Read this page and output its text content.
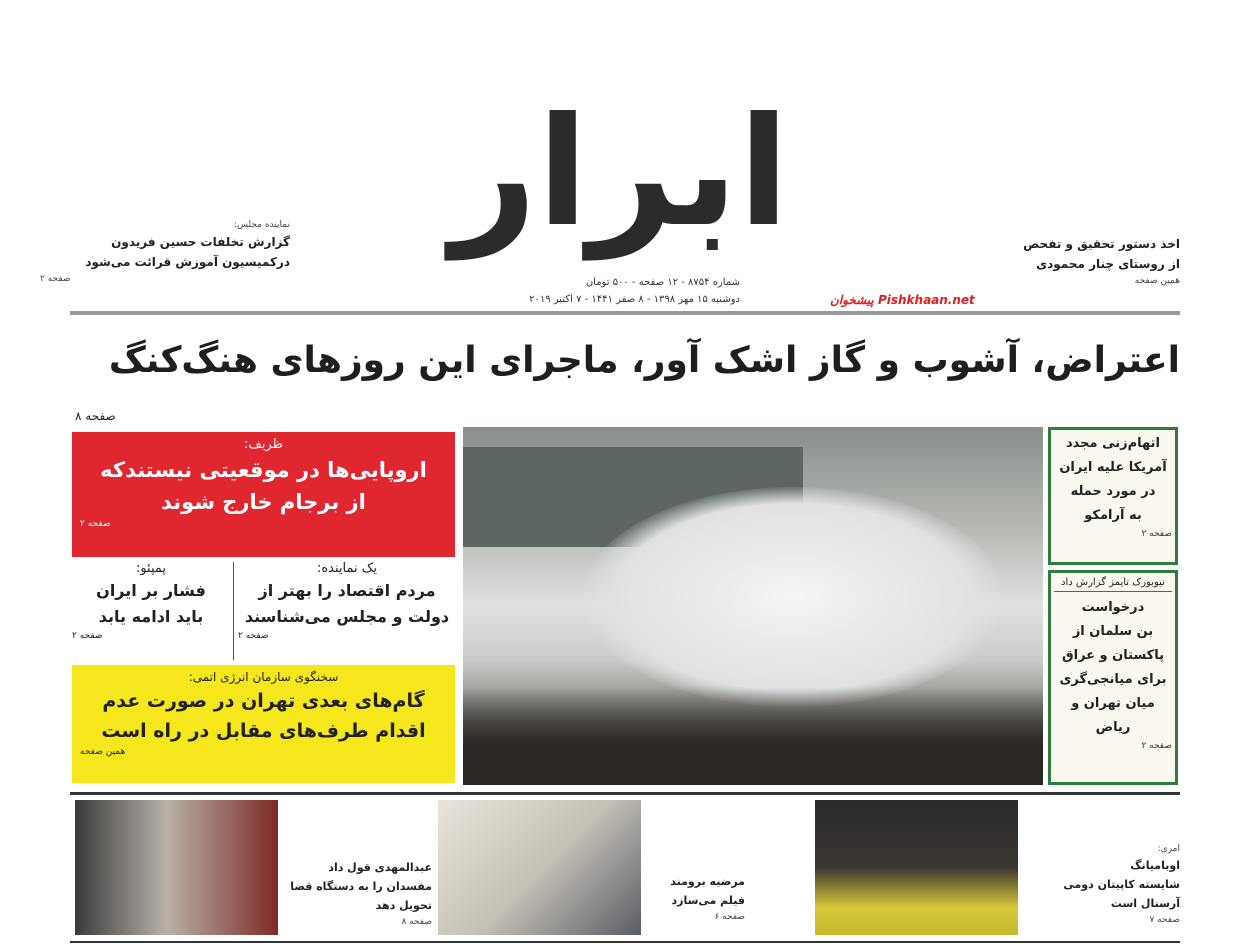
ابرار
شماره ۸۷۵۴ - ۱۲ صفحه - ۵۰۰ تومان
دوشنبه ۱۵ مهر ۱۳۹۸ - ۸ صفر ۱۴۴۱ - ۷ اکتبر ۲۰۱۹
نماینده مجلس:
گزارش تخلفات حسین فریدون
درکمیسیون آموزش قرائت می‌شود
صفحه ۲
اخذ دستور تحقیق و تفحص
از روستای چنار محمودی
همین صفحه
پیشخوان Pishkhaan.net
اعتراض، آشوب و گاز اشک آور، ماجرای این روزهای هنگ‌کنگ
صفحه ۸
ظریف:
اروپایی‌ها در موقعیتی نیستندکه
از برجام خارج شوند
صفحه ۲
یک نماینده:
مردم اقتصاد را بهتر از
دولت و مجلس می‌شناسند
صفحه ۲
پمپئو:
فشار بر ایران
باید ادامه یابد
صفحه ۲
سخنگوی سازمان انرژی اتمی:
گام‌های بعدی تهران در صورت عدم
اقدام طرف‌های مقابل در راه است
همین صفحه
اتهام‌زنی مجدد
آمریکا علیه ایران
در مورد حمله
به آرامکو
صفحه ۲
نیویورک تایمز گزارش داد
درخواست
بن سلمان از
پاکستان و عراق
برای میانجی‌گری
میان تهران و ریاض
صفحه ۲
عبدالمهدی قول داد
مفسدان را به دستگاه قضا
تحویل دهد
صفحه ۸
مرضیه برومند
فیلم می‌سازد
صفحه ۶
امری:
اوبامیانگ
شایسته کاپیتان دومی
آرسنال است
صفحه ۷
